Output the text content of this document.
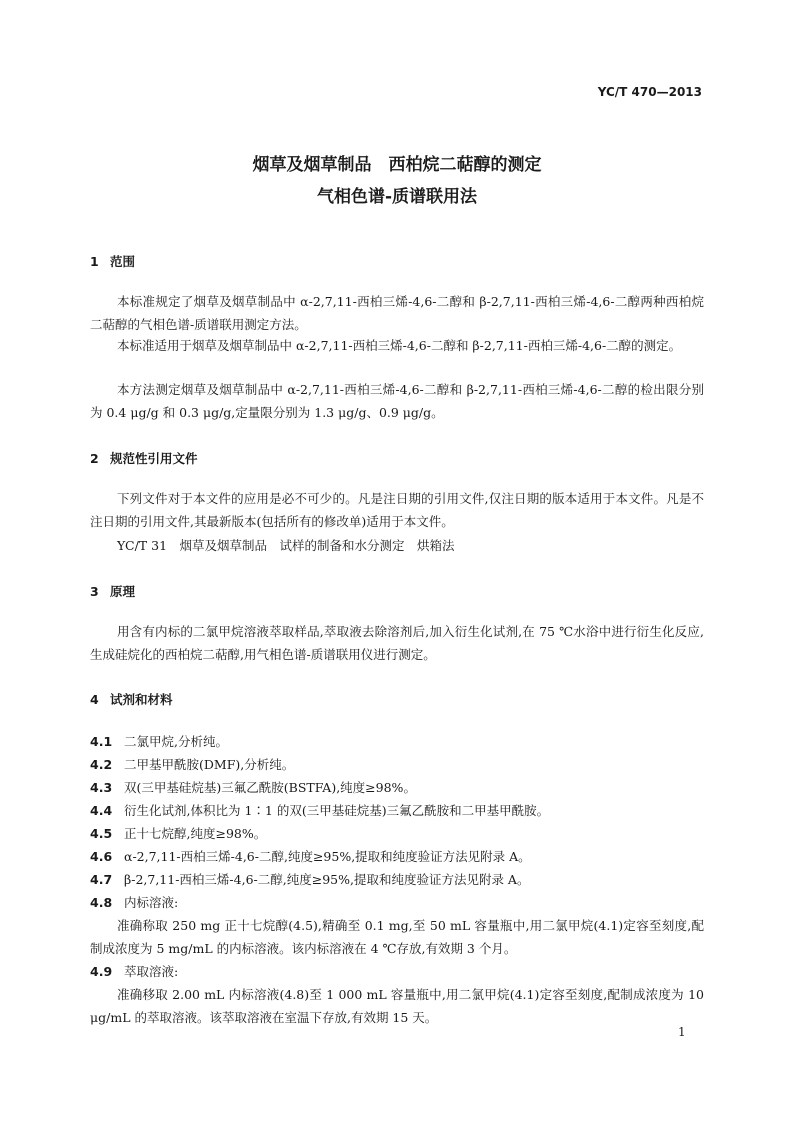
YC/T 470—2013
烟草及烟草制品　西柏烷二萜醇的测定
气相色谱-质谱联用法
1 范围
本标准规定了烟草及烟草制品中 α-2,7,11-西柏三烯-4,6-二醇和 β-2,7,11-西柏三烯-4,6-二醇两种西柏烷二萜醇的气相色谱-质谱联用测定方法。
本标准适用于烟草及烟草制品中 α-2,7,11-西柏三烯-4,6-二醇和 β-2,7,11-西柏三烯-4,6-二醇的测定。
本方法测定烟草及烟草制品中 α-2,7,11-西柏三烯-4,6-二醇和 β-2,7,11-西柏三烯-4,6-二醇的检出限分别为 0.4 μg/g 和 0.3 μg/g,定量限分别为 1.3 μg/g、0.9 μg/g。
2 规范性引用文件
下列文件对于本文件的应用是必不可少的。凡是注日期的引用文件,仅注日期的版本适用于本文件。凡是不注日期的引用文件,其最新版本(包括所有的修改单)适用于本文件。
YC/T 31　烟草及烟草制品　试样的制备和水分测定　烘箱法
3 原理
用含有内标的二氯甲烷溶液萃取样品,萃取液去除溶剂后,加入衍生化试剂,在 75 ℃水浴中进行衍生化反应,生成硅烷化的西柏烷二萜醇,用气相色谱-质谱联用仪进行测定。
4 试剂和材料
4.1 二氯甲烷,分析纯。
4.2 二甲基甲酰胺(DMF),分析纯。
4.3 双(三甲基硅烷基)三氟乙酰胺(BSTFA),纯度≥98%。
4.4 衍生化试剂,体积比为 1∶1 的双(三甲基硅烷基)三氟乙酰胺和二甲基甲酰胺。
4.5 正十七烷醇,纯度≥98%。
4.6 α-2,7,11-西柏三烯-4,6-二醇,纯度≥95%,提取和纯度验证方法见附录 A。
4.7 β-2,7,11-西柏三烯-4,6-二醇,纯度≥95%,提取和纯度验证方法见附录 A。
4.8 内标溶液:
准确称取 250 mg 正十七烷醇(4.5),精确至 0.1 mg,至 50 mL 容量瓶中,用二氯甲烷(4.1)定容至刻度,配制成浓度为 5 mg/mL 的内标溶液。该内标溶液在 4 ℃存放,有效期 3 个月。
4.9 萃取溶液:
准确移取 2.00 mL 内标溶液(4.8)至 1 000 mL 容量瓶中,用二氯甲烷(4.1)定容至刻度,配制成浓度为 10 μg/mL 的萃取溶液。该萃取溶液在室温下存放,有效期 15 天。
1
